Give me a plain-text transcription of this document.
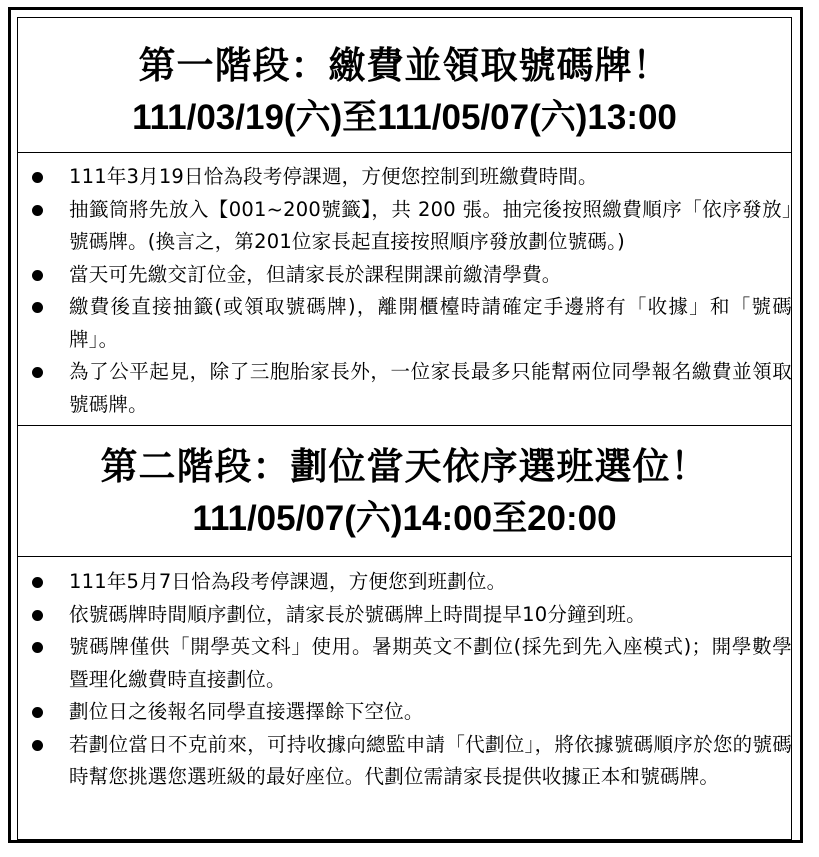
第一階段：繳費並領取號碼牌！
111/03/19(六)至111/05/07(六)13:00
111年3月19日恰為段考停課週，方便您控制到班繳費時間。
抽籤筒將先放入【001~200號籤】，共 200 張。抽完後按照繳費順序「依序發放」號碼牌。(換言之，第201位家長起直接按照順序發放劃位號碼。)
當天可先繳交訂位金，但請家長於課程開課前繳清學費。
繳費後直接抽籤(或領取號碼牌)，離開櫃檯時請確定手邊將有「收據」和「號碼牌」。
為了公平起見，除了三胞胎家長外，一位家長最多只能幫兩位同學報名繳費並領取號碼牌。
第二階段：劃位當天依序選班選位！
111/05/07(六)14:00至20:00
111年5月7日恰為段考停課週，方便您到班劃位。
依號碼牌時間順序劃位，請家長於號碼牌上時間提早10分鐘到班。
號碼牌僅供「開學英文科」使用。暑期英文不劃位(採先到先入座模式)；開學數學暨理化繳費時直接劃位。
劃位日之後報名同學直接選擇餘下空位。
若劃位當日不克前來，可持收據向總監申請「代劃位」，將依據號碼順序於您的號碼時幫您挑選您選班級的最好座位。代劃位需請家長提供收據正本和號碼牌。
